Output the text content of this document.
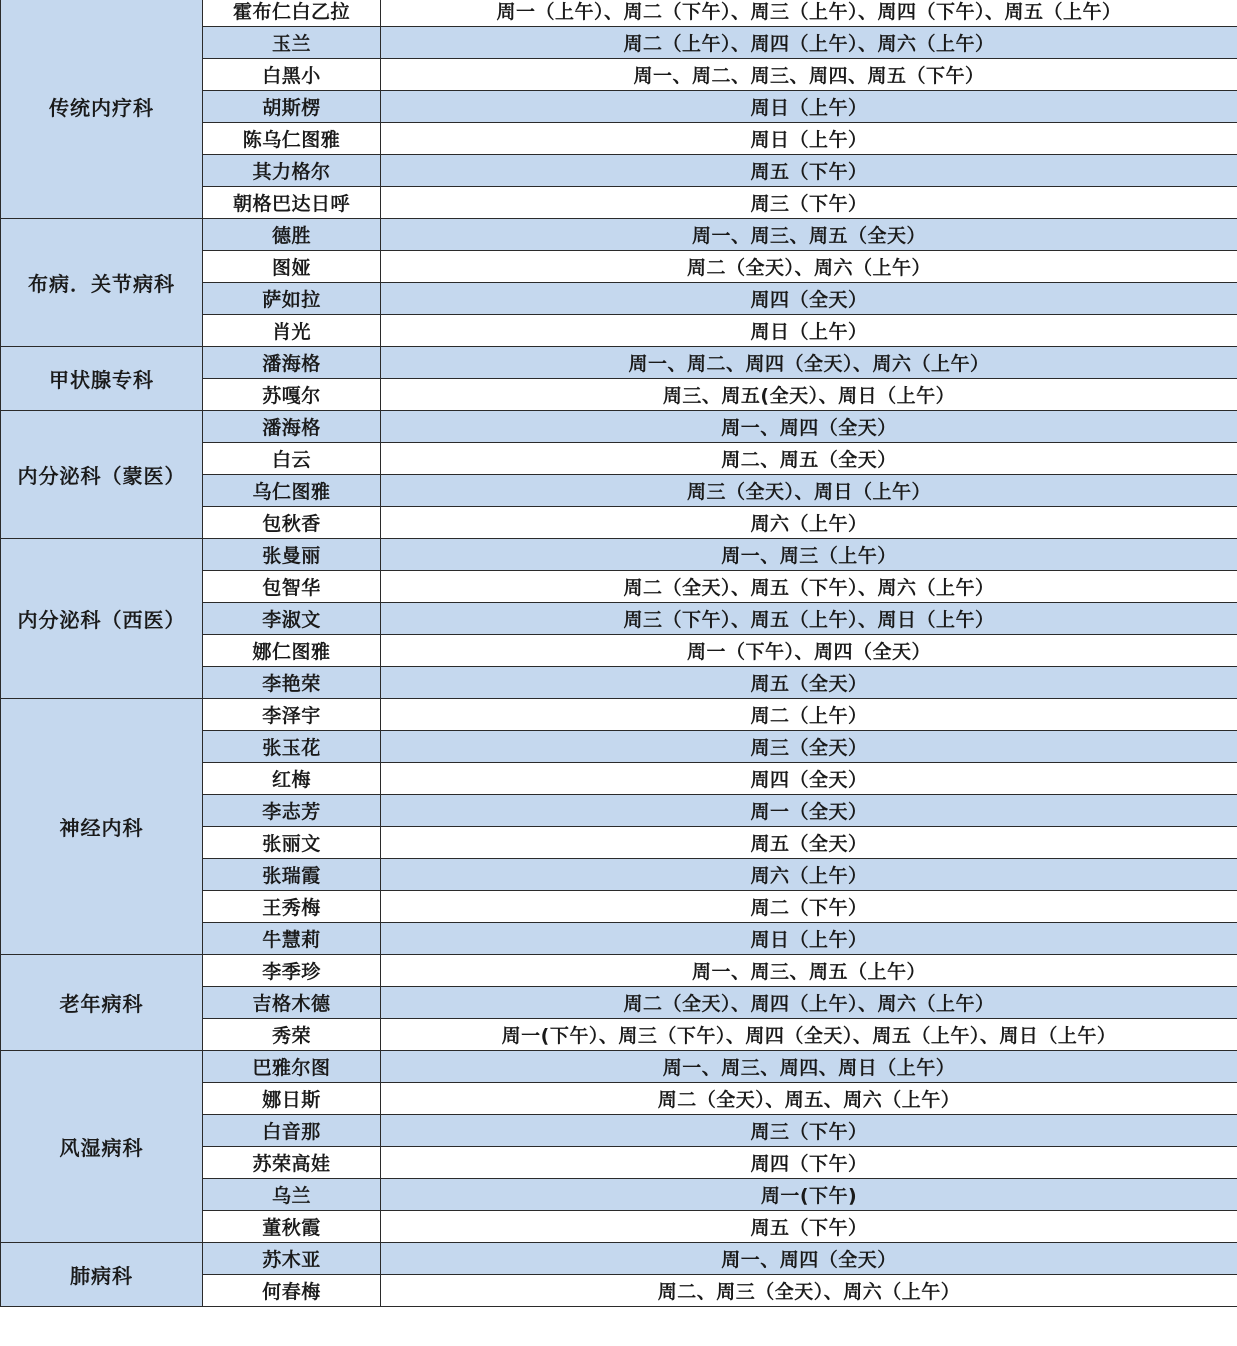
传统内疗科	霍布仁白乙拉	周一（上午）、周二（下午）、周三（上午）、周四（下午）、周五（上午）
	玉兰	周二（上午）、周四（上午）、周六（上午）
	白黑小	周一、周二、周三、周四、周五（下午）
	胡斯楞	周日（上午）
	陈乌仁图雅	周日（上午）
	其力格尔	周五（下午）
	朝格巴达日呼	周三（下午）
布病．关节病科	德胜	周一、周三、周五（全天）
	图娅	周二（全天）、周六（上午）
	萨如拉	周四（全天）
	肖光	周日（上午）
甲状腺专科	潘海格	周一、周二、周四（全天）、周六（上午）
	苏嘎尔	周三、周五(全天）、周日（上午）
内分泌科（蒙医）	潘海格	周一、周四（全天）
	白云	周二、周五（全天）
	乌仁图雅	周三（全天）、周日（上午）
	包秋香	周六（上午）
内分泌科（西医）	张曼丽	周一、周三（上午）
	包智华	周二（全天）、周五（下午）、周六（上午）
	李淑文	周三（下午）、周五（上午）、周日（上午）
	娜仁图雅	周一（下午）、周四（全天）
	李艳荣	周五（全天）
神经内科	李泽宇	周二（上午）
	张玉花	周三（全天）
	红梅	周四（全天）
	李志芳	周一（全天）
	张丽文	周五（全天）
	张瑞霞	周六（上午）
	王秀梅	周二（下午）
	牛慧莉	周日（上午）
老年病科	李季珍	周一、周三、周五（上午）
	吉格木德	周二（全天）、周四（上午）、周六（上午）
	秀荣	周一(下午）、周三（下午）、周四（全天）、周五（上午）、周日（上午）
风湿病科	巴雅尔图	周一、周三、周四、周日（上午）
	娜日斯	周二（全天）、周五、周六（上午）
	白音那	周三（下午）
	苏荣高娃	周四（下午）
	乌兰	周一(下午)
	董秋霞	周五（下午）
肺病科	苏木亚	周一、周四（全天）
	何春梅	周二、周三（全天）、周六（上午）
